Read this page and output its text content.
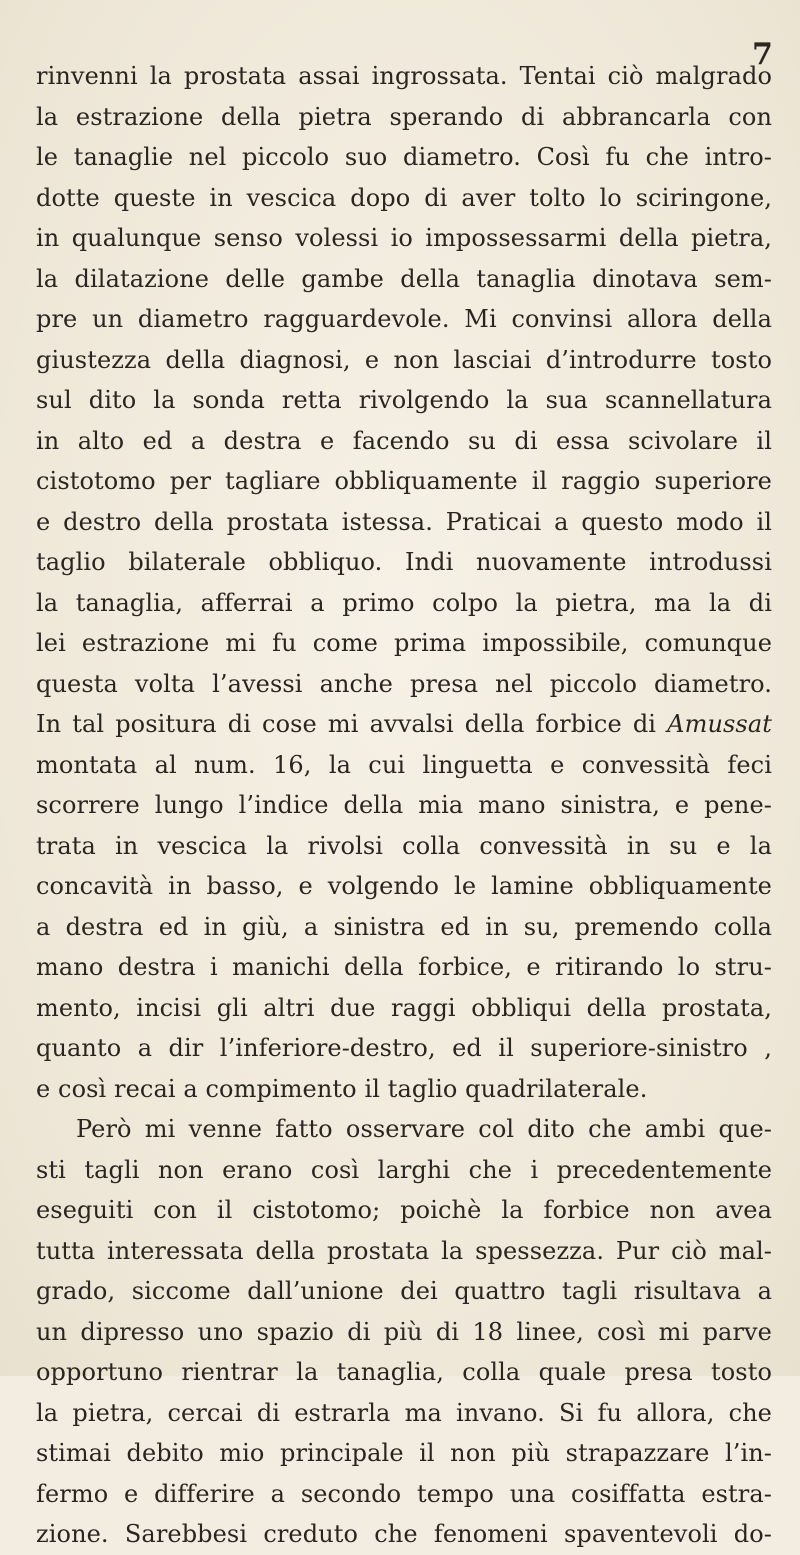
7
rinvenni la prostata assai ingrossata. Tentai ciò malgrado
la estrazione della pietra sperando di abbrancarla con
le tanaglie nel piccolo suo diametro. Così fu che intro-
dotte queste in vescica dopo di aver tolto lo sciringone,
in qualunque senso volessi io impossessarmi della pietra,
la dilatazione delle gambe della tanaglia dinotava sem-
pre un diametro ragguardevole. Mi convinsi allora della
giustezza della diagnosi, e non lasciai d’introdurre tosto
sul dito la sonda retta rivolgendo la sua scannellatura
in alto ed a destra e facendo su di essa scivolare il
cistotomo per tagliare obbliquamente il raggio superiore
e destro della prostata istessa. Praticai a questo modo il
taglio bilaterale obbliquo. Indi nuovamente introdussi
la tanaglia, afferrai a primo colpo la pietra, ma la di
lei estrazione mi fu come prima impossibile, comunque
questa volta l’avessi anche presa nel piccolo diametro.
In tal positura di cose mi avvalsi della forbice di Amussat
montata al num. 16, la cui linguetta e convessità feci
scorrere lungo l’indice della mia mano sinistra, e pene-
trata in vescica la rivolsi colla convessità in su e la
concavità in basso, e volgendo le lamine obbliquamente
a destra ed in giù, a sinistra ed in su, premendo colla
mano destra i manichi della forbice, e ritirando lo stru-
mento, incisi gli altri due raggi obbliqui della prostata,
quanto a dir l’inferiore-destro, ed il superiore-sinistro ,
e così recai a compimento il taglio quadrilaterale.
Però mi venne fatto osservare col dito che ambi que-
sti tagli non erano così larghi che i precedentemente
eseguiti con il cistotomo; poichè la forbice non avea
tutta interessata della prostata la spessezza. Pur ciò mal-
grado, siccome dall’unione dei quattro tagli risultava a
un dipresso uno spazio di più di 18 linee, così mi parve
opportuno rientrar la tanaglia, colla quale presa tosto
la pietra, cercai di estrarla ma invano. Si fu allora, che
stimai debito mio principale il non più strapazzare l’in-
fermo e differire a secondo tempo una cosiffatta estra-
zione. Sarebbesi creduto che fenomeni spaventevoli do-
